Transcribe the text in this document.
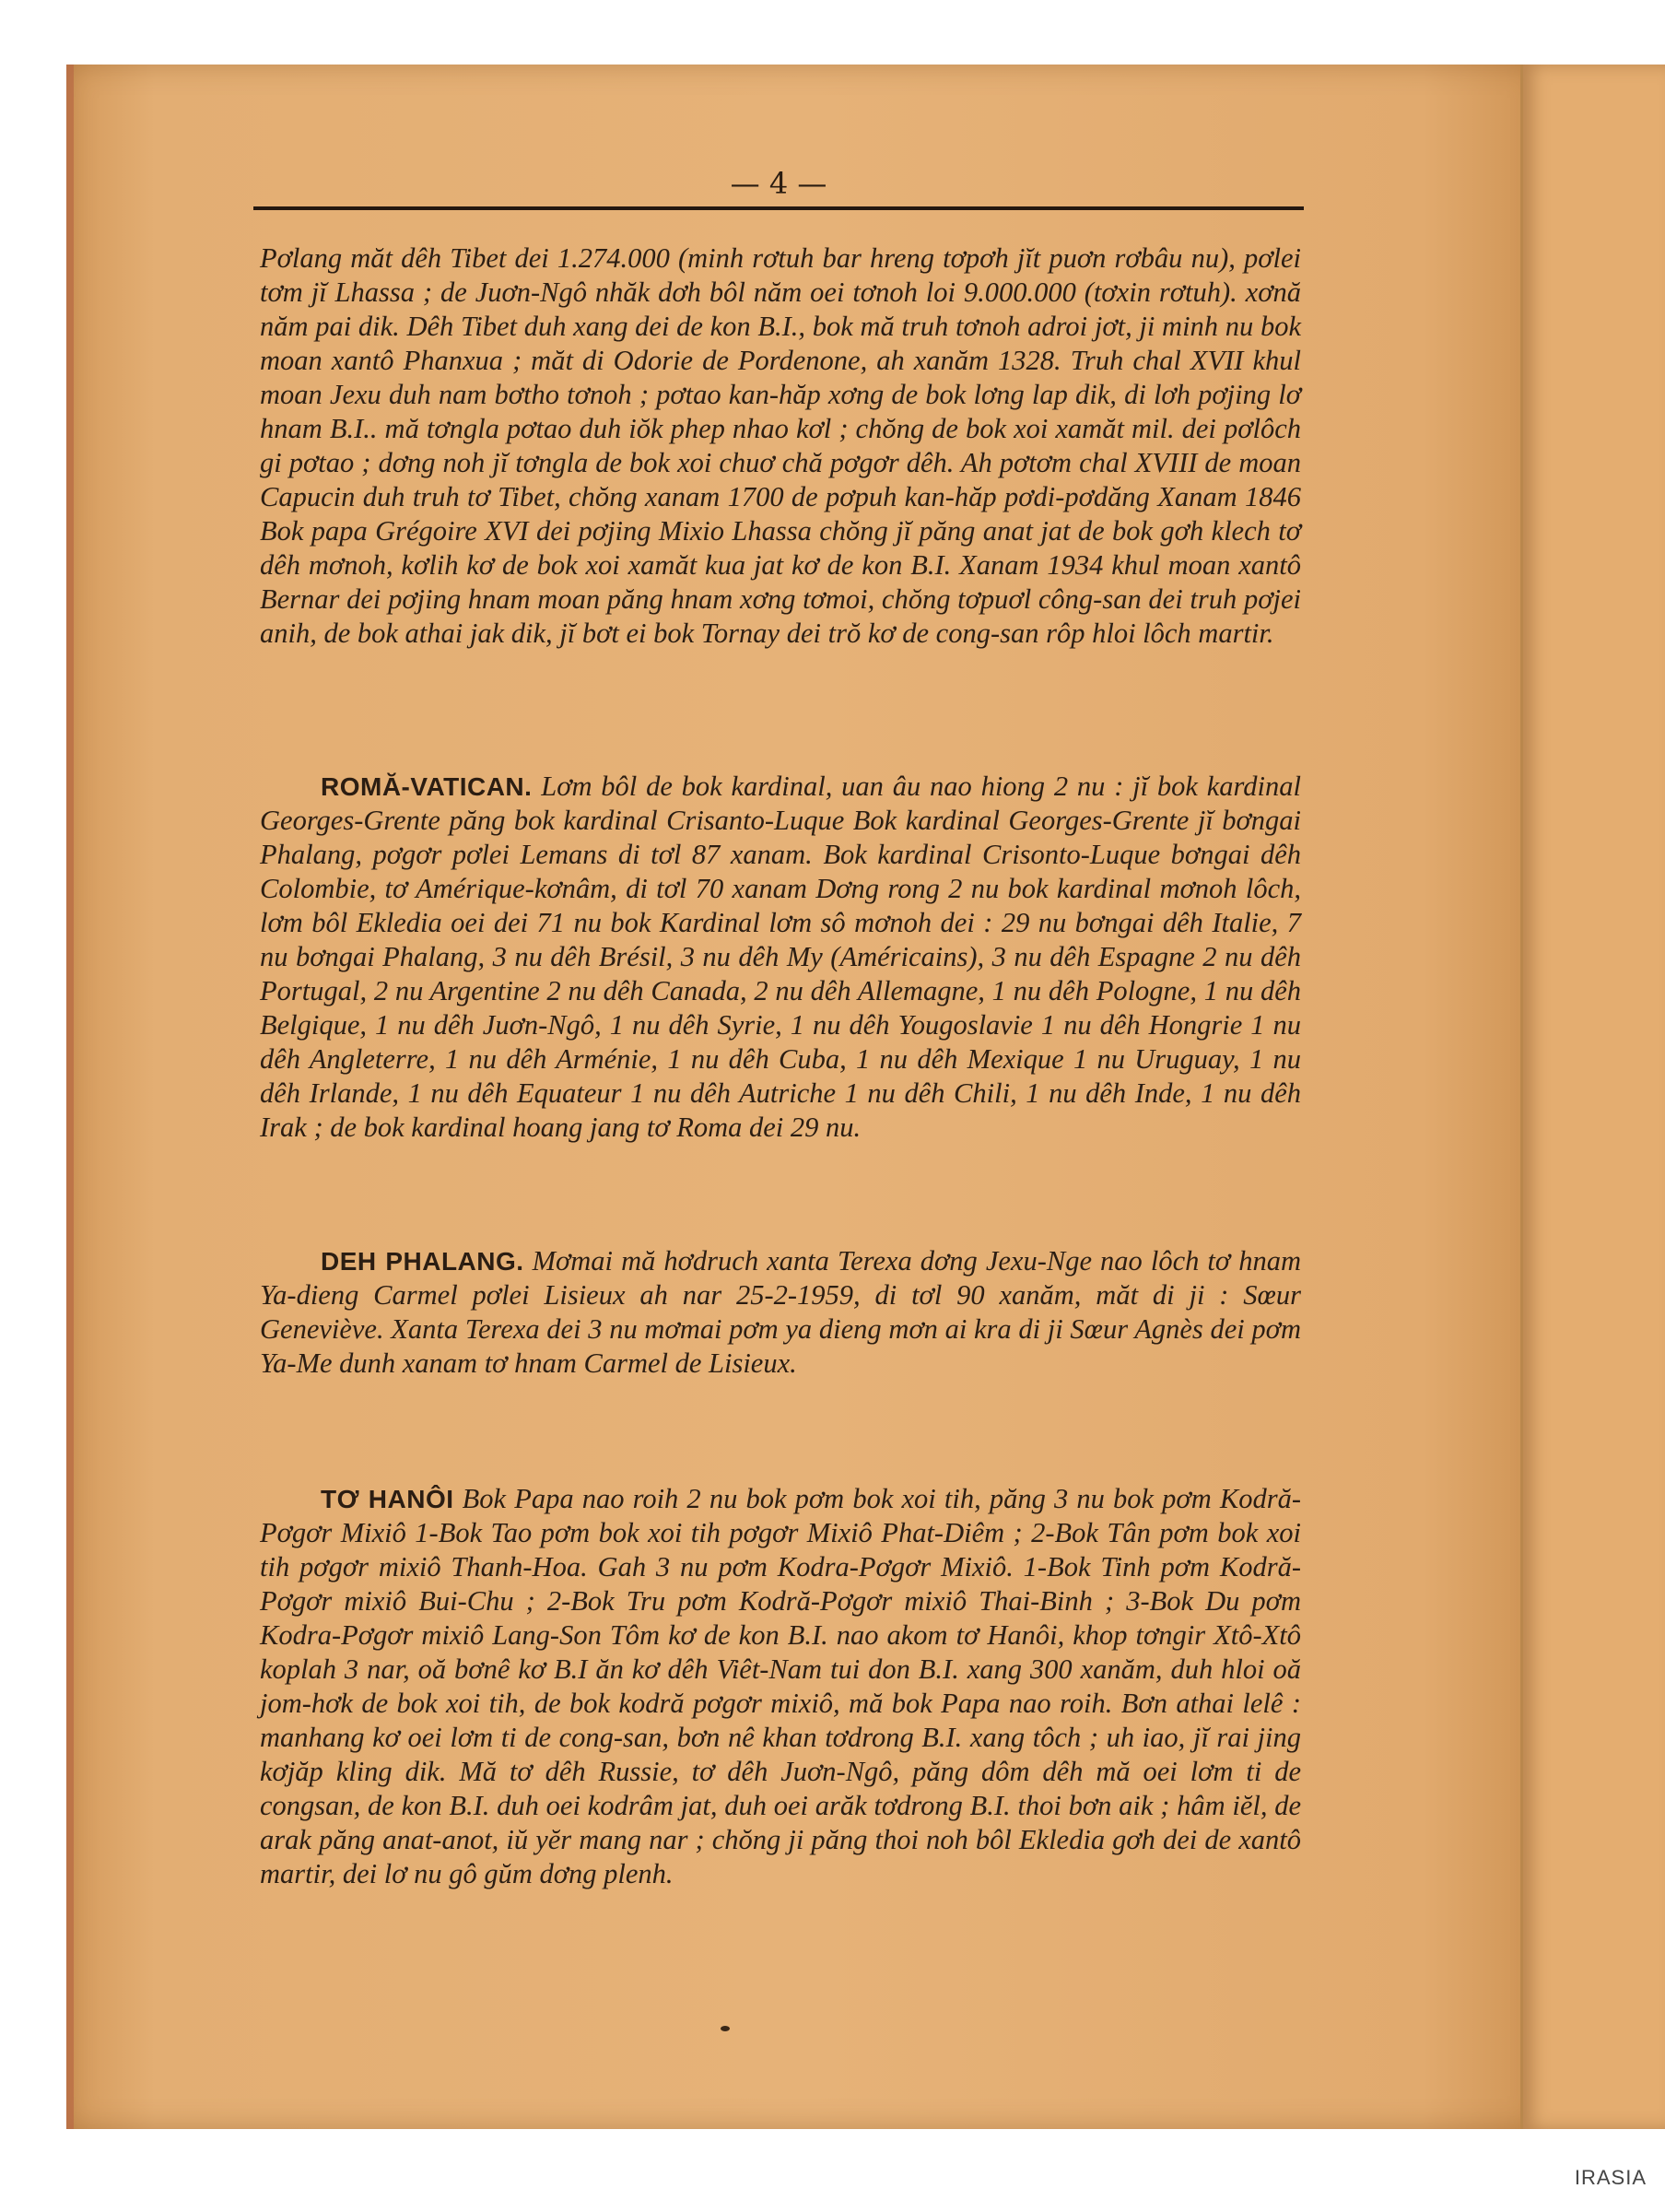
— 4 —

Pơlang măt dêh Tibet dei 1.274.000 (minh rơtuh bar hreng tơpơh jĭt puơn rơbâu nu), pơlei tơm jĭ Lhassa ; de Juơn-Ngô nhăk dơh bôl năm oei tơnoh loi 9.000.000 (tơxin rơtuh). xơnă năm pai dik. Dêh Tibet duh xang dei de kon B.I., bok mă truh tơnoh adroi jơt, ji minh nu bok moan xantô Phanxua ; măt di Odorie de Pordenone, ah xanăm 1328. Truh chal XVII khul moan Jexu duh nam bơtho tơnoh ; pơtao kan-hăp xơng de bok lơng lap dik, di lơh pơjing lơ hnam B.I.. mă tơngla pơtao duh iŏk phep nhao kơl ; chŏng de bok xoi xamăt mil. dei pơlôch gi pơtao ; dơng noh jĭ tơngla de bok xoi chuơ chă pơgơr dêh. Ah pơtơm chal XVIII de moan Capucin duh truh tơ Tibet, chŏng xanam 1700 de pơpuh kan-hăp pơdi-pơdăng Xanam 1846 Bok papa Grégoire XVI dei pơjing Mixio Lhassa chŏng jĭ păng anat jat de bok gơh klech tơ dêh mơnoh, kơlih kơ de bok xoi xamăt kua jat kơ de kon B.I. Xanam 1934 khul moan xantô Bernar dei pơjing hnam moan păng hnam xơng tơmoi, chŏng tơpuơl công-san dei truh pơjei anih, de bok athai jak dik, jĭ bơt ei bok Tornay dei trŏ kơ de cong-san rôp hloi lôch martir.

ROMĂ-VATICAN. Lơm bôl de bok kardinal, uan âu nao hiong 2 nu : jĭ bok kardinal Georges-Grente păng bok kardinal Crisanto-Luque Bok kardinal Georges-Grente jĭ bơngai Phalang, pơgơr pơlei Lemans di tơl 87 xanam. Bok kardinal Crisonto-Luque bơngai dêh Colombie, tơ Amérique-kơnâm, di tơl 70 xanam Dơng rong 2 nu bok kardinal mơnoh lôch, lơm bôl Ekledia oei dei 71 nu bok Kardinal lơm sô mơnoh dei : 29 nu bơngai dêh Italie, 7 nu bơngai Phalang, 3 nu dêh Brésil, 3 nu dêh My (Américains), 3 nu dêh Espagne 2 nu dêh Portugal, 2 nu Argentine 2 nu dêh Canada, 2 nu dêh Allemagne, 1 nu dêh Pologne, 1 nu dêh Belgique, 1 nu dêh Juơn-Ngô, 1 nu dêh Syrie, 1 nu dêh Yougoslavie 1 nu dêh Hongrie 1 nu dêh Angleterre, 1 nu dêh Arménie, 1 nu dêh Cuba, 1 nu dêh Mexique 1 nu Uruguay, 1 nu dêh Irlande, 1 nu dêh Equateur 1 nu dêh Autriche 1 nu dêh Chili, 1 nu dêh Inde, 1 nu dêh Irak ; de bok kardinal hoang jang tơ Roma dei 29 nu.

DEH PHALANG. Mơmai mă hơdruch xanta Terexa dơng Jexu-Nge nao lôch tơ hnam Ya-dieng Carmel pơlei Lisieux ah nar 25-2-1959, di tơl 90 xanăm, măt di ji : Sœur Geneviève. Xanta Terexa dei 3 nu mơmai pơm ya dieng mơn ai kra di ji Sœur Agnès dei pơm Ya-Me dunh xanam tơ hnam Carmel de Lisieux.

TƠ HANÔI Bok Papa nao roih 2 nu bok pơm bok xoi tih, păng 3 nu bok pơm Kodră-Pơgơr Mixiô 1-Bok Tao pơm bok xoi tih pơgơr Mixiô Phat-Diêm ; 2-Bok Tân pơm bok xoi tih pơgơr mixiô Thanh-Hoa. Gah 3 nu pơm Kodra-Pơgơr Mixiô. 1-Bok Tinh pơm Kodră-Pơgơr mixiô Bui-Chu ; 2-Bok Tru pơm Kodră-Pơgơr mixiô Thai-Binh ; 3-Bok Du pơm Kodra-Pơgơr mixiô Lang-Son Tôm kơ de kon B.I. nao akom tơ Hanôi, khop tơngir Xtô-Xtô koplah 3 nar, oă bơnê kơ B.I ăn kơ dêh Viêt-Nam tui don B.I. xang 300 xanăm, duh hloi oă jom-hơk de bok xoi tih, de bok kodră pơgơr mixiô, mă bok Papa nao roih. Bơn athai lelê : manhang kơ oei lơm ti de cong-san, bơn nê khan tơdrong B.I. xang tôch ; uh iao, jĭ rai jing kơjăp kling dik. Mă tơ dêh Russie, tơ dêh Juơn-Ngô, păng dôm dêh mă oei lơm ti de congsan, de kon B.I. duh oei kodrâm jat, duh oei arăk tơdrong B.I. thoi bơn aik ; hâm iĕl, de arak păng anat-anot, iŭ yĕr mang nar ; chŏng ji păng thoi noh bôl Ekledia gơh dei de xantô martir, dei lơ nu gô gŭm dơng plenh.

IRASIA
